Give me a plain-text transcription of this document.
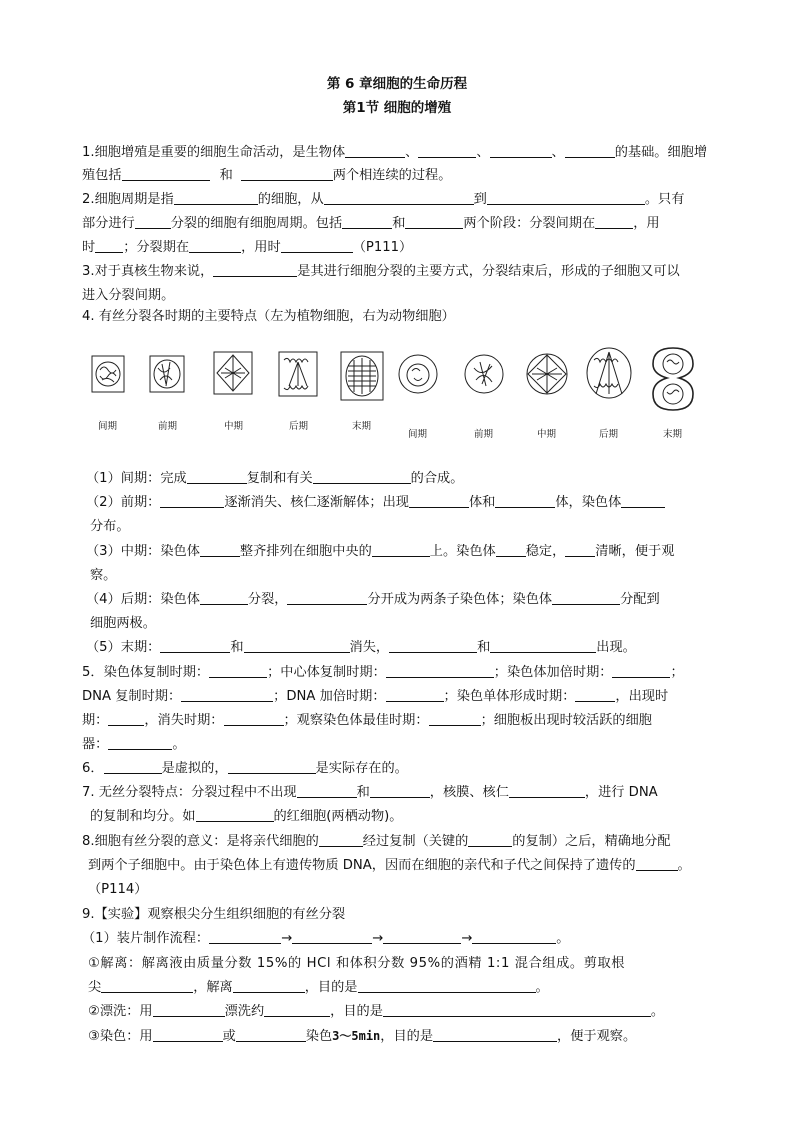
第 6 章细胞的生命历程
第1节 细胞的增殖
1.细胞增殖是重要的细胞生命活动，是生物体	、	、	、	的基础。细胞增
殖包括	和	两个相连续的过程。
2.细胞周期是指	的细胞，从	到	。只有
部分进行	分裂的细胞有细胞周期。包括	和	两个阶段：分裂间期在	，用
时 ；分裂期在	，用时	（P111）
3.对于真核生物来说，	是其进行细胞分裂的主要方式，分裂结束后，形成的子细胞又可以
进入分裂间期。
4. 有丝分裂各时期的主要特点（左为植物细胞，右为动物细胞）
间期	前期	中期	后期	末期
间期	前期	中期	后期	末期
（1）间期：完成	复制和有关	的合成。
（2）前期：	逐渐消失、核仁逐渐解体；出现	体和	体，染色体
分布。
（3）中期：染色体	整齐排列在细胞中央的	上。染色体 稳定， 清晰，便于观
察。
（4）后期：染色体	分裂，	分开成为两条子染色体；染色体	分配到
细胞两极。
（5）末期：	和	消失，	和	出现。
5．染色体复制时期：	；中心体复制时期：	；染色体加倍时期：	；
DNA 复制时期：	；DNA 加倍时期：	；染色单体形成时期：	，出现时
期：	，消失时期：	；观察染色体最佳时期：	；细胞板出现时较活跃的细胞
器：	。
6．	是虚拟的，	是实际存在的。
7. 无丝分裂特点：分裂过程中不出现	和	，核膜、核仁	，进行 DNA
的复制和均分。如	的红细胞(两栖动物)。
8.细胞有丝分裂的意义：是将亲代细胞的	经过复制（关键的	的复制）之后，精确地分配
到两个子细胞中。由于染色体上有遗传物质 DNA，因而在细胞的亲代和子代之间保持了遗传的	。
（P114）
9.【实验】观察根尖分生组织细胞的有丝分裂
（1）装片制作流程：	→	→	→	。
①解离：解离液由质量分数 15%的 HCl 和体积分数 95%的酒精 1:1 混合组成。剪取根
尖	，解离	，目的是	。
②漂洗：用	漂洗约	，目的是	。
③染色：用	或	染色3～5min，目的是	，便于观察。
